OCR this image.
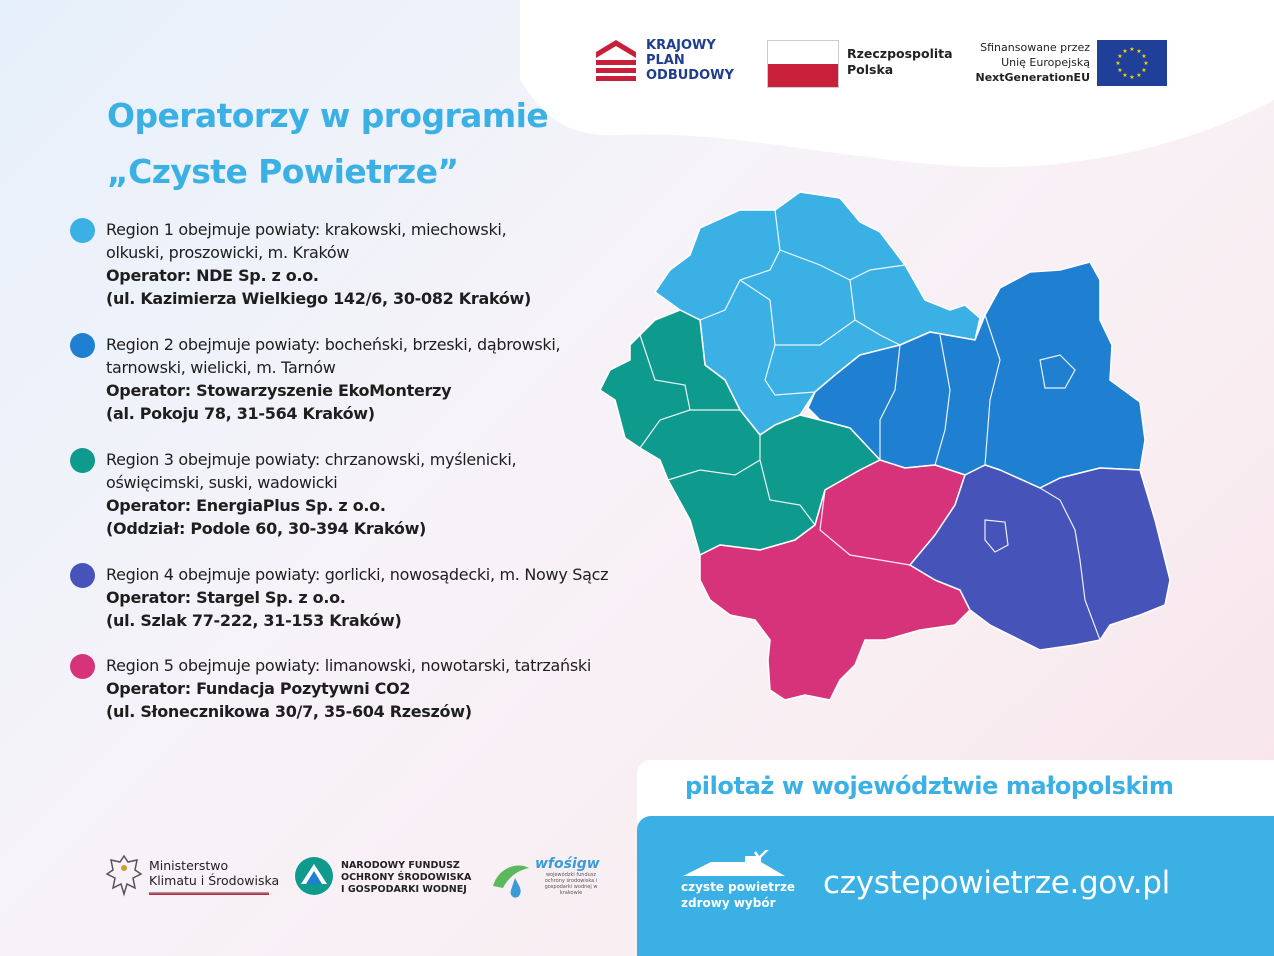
KRAJOWY
PLAN
ODBUDOWY
Rzeczpospolita
Polska
Sfinansowane przez
Unię Europejską
NextGenerationEU
★ ★
★
★
★
★
★
★
★
★
★
★
Operatorzy w programie
„Czyste Powietrze”
Region 1 obejmuje powiaty: krakowski, miechowski,
olkuski, proszowicki, m. Kraków
Operator: NDE Sp. z o.o.
(ul. Kazimierza Wielkiego 142/6, 30-082 Kraków)
Region 2 obejmuje powiaty: bocheński, brzeski, dąbrowski,
tarnowski, wielicki, m. Tarnów
Operator: Stowarzyszenie EkoMonterzy
(al. Pokoju 78, 31-564 Kraków)
Region 3 obejmuje powiaty: chrzanowski, myślenicki,
oświęcimski, suski, wadowicki
Operator: EnergiaPlus Sp. z o.o.
(Oddział: Podole 60, 30-394 Kraków)
Region 4 obejmuje powiaty: gorlicki, nowosądecki, m. Nowy Sącz
Operator: Stargel Sp. z o.o.
(ul. Szlak 77-222, 31-153 Kraków)
Region 5 obejmuje powiaty: limanowski, nowotarski, tatrzański
Operator: Fundacja Pozytywni CO2
(ul. Słonecznikowa 30/7, 35-604 Rzeszów)
Ministerstwo
Klimatu i Środowiska
NARODOWY FUNDUSZ
OCHRONY ŚRODOWISKA
I GOSPODARKI WODNEJ
wfośigw
wojewódzki fundusz ochrony środowiska i gospodarki wodnej w krakowie
pilotaż w województwie małopolskim
czyste powietrze
zdrowy wybór
czystepowietrze.gov.pl
